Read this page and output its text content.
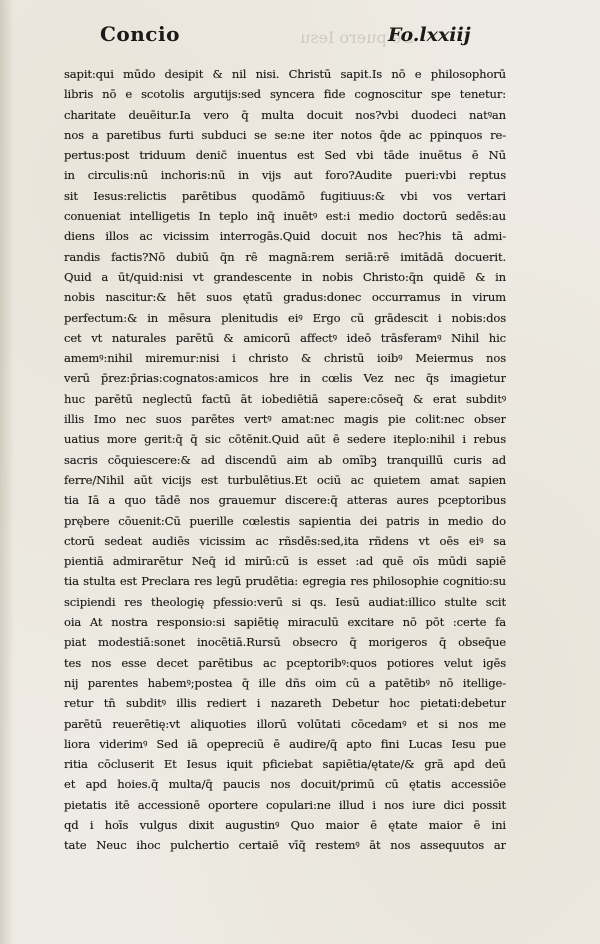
De puero Iesu
Concio	Fo.lxxiij
sapit:qui mūdo desipit & nil nisi. Christū sapit.Is nō e philosophorū
libris nō e scotolis argutijs:sed syncera fide cognoscitur spe tenetur:
charitate deuēitur.Ia vero q̄ multa docuit nos?vbi duodeci natꝰan
nos a paretibus furti subduci se se:ne iter notos q̄de ac ppinquos re-
pertus:post triduum denic̄ inuentus est Sed vbi tāde inuētus ē Nū
in circulis:nū inchoris:nū in vijs aut foro?Audite pueri:vbi reptus
sit Iesus:relictis parētibus quodāmō fugitiuus:& vbi vos vertari
conueniat intelligetis In teplo inq̄ inuētꝰ est:i medio doctorū sedēs:au
diens illos ac vicissim interrogās.Quid docuit nos hec?his tā admi-
randis factis?Nō dubiū q̄n rē magnā:rem seriā:rē imitādā docuerit.
Quid a ūt/quid:nisi vt grandescente in nobis Christo:q̄n quidē & in
nobis nascitur:& hēt suos ętatū gradus:donec occurramus in virum
perfectum:& in mēsura plenitudis eiꝰ Ergo cū grādescit i nobis:dos
cet vt naturales parētū & amicorū affectꝰ ideō trāsferamꝰ Nihil hic
amemꝰ:nihil miremur:nisi i christo & christū ioibꝰ Meiermus nos
verū p̄rez:p̄rias:cognatos:amicos hre in cœlis Vez nec q̄s imagietur
huc parētū neglectū factū āt iobediētiā sapere:cōseq̄ & erat subditꝰ
illis Imo nec suos parētes vertꝰ amat:nec magis pie colit:nec obser
uatius more gerit:q̄ q̄ sic cōtēnit.Quid aūt ē sedere iteplo:nihil i rebus
sacris cōquiescere:& ad discendū aim ab omībꝫ tranquillū curis ad
ferre/Nihil aūt vicijs est turbulētius.Et ociū ac quietem amat sapien
tia Iā a quo tādē nos grauemur discere:q̄ atteras aures pceptoribus
prębere cōuenit:Cū puerille cœlestis sapientia dei patris in medio do
ctorū sedeat audiēs vicissim ac rñsdēs:sed,ita rñdens vt oēs eiꝰ sa
pientiā admirarētur Neq̄ id mirū:cū is esset :ad quē oīs mūdi sapiē
tia stulta est Preclara res legū prudētia: egregia res philosophie cognitio:su
scipiendi res theologię pfessio:verū si qs. Iesū audiat:illico stulte scit
oia At nostra responsio:si sapiētię miraculū excitare nō pōt :certe fa
piat modestiā:sonet inocētiā.Rursū obsecro q̄ morigeros q̄ obseq̄ue
tes nos esse decet parētibus ac pceptoribꝰ:quos potiores velut igēs
nij parentes habemꝰ;postea q̄ ille dñs oim cū a patētibꝰ nō itellige-
retur tn̄ subditꝰ illis rediert i nazareth Debetur hoc pietati:debetur
parētū reuerētię:vt aliquoties illorū volūtati cōcedamꝰ et si nos me
liora viderimꝰ Sed iā opepreciū ē audire/q̄ apto fini Lucas Iesu pue
ritia cōcluserit Et Iesus iquit pficiebat sapiētia/ętate/& grā apd deū
et apd hoies.q̄ multa/q̄ paucis nos docuit/primū cū ętatis accessiōe
pietatis itē accessionē oportere copulari:ne illud i nos iure dici possit
qd i hoīs vulgus dixit augustinꝰ Quo maior ē ętate maior ē ini
tate Neuc ihoc pulchertio certaiē vīq̄ restemꝰ āt nos assequutos ar
